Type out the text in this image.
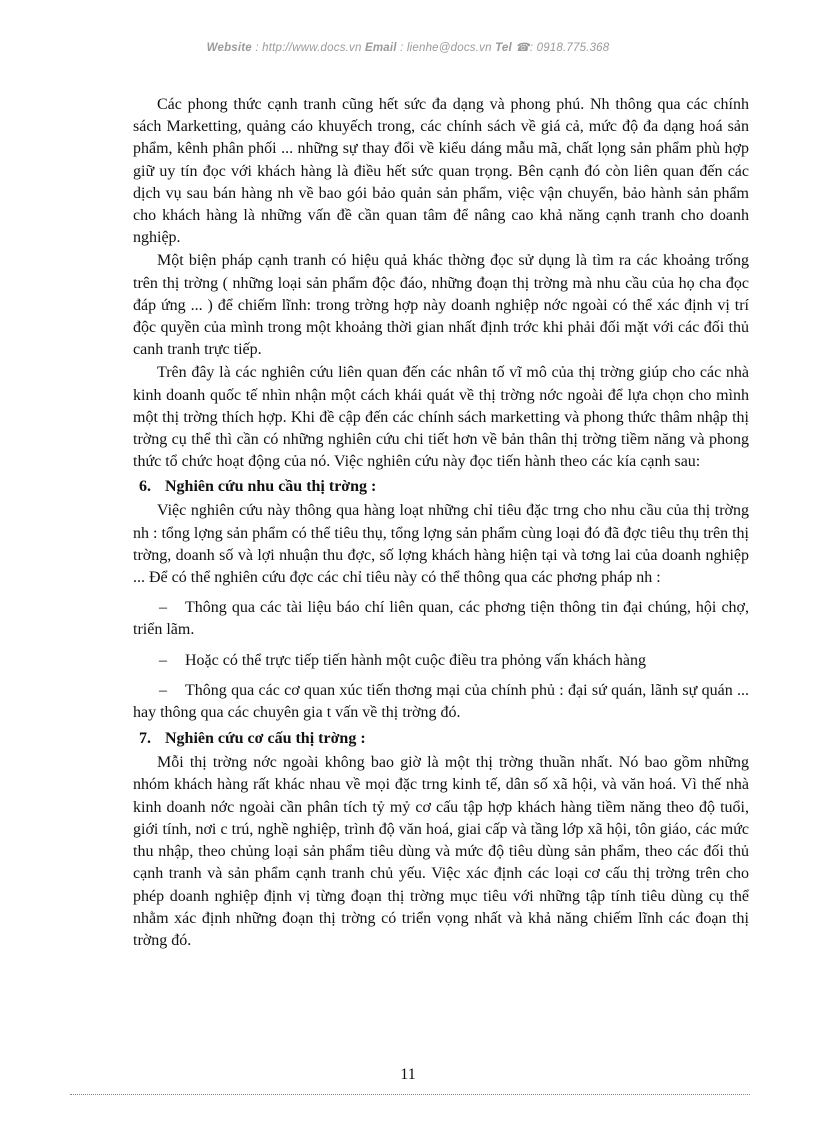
Website : http://www.docs.vn Email : lienhe@docs.vn Tel ☎: 0918.775.368

Các phong thức cạnh tranh cũng hết sức đa dạng và phong phú. Nh thông qua các chính sách Marketting, quảng cáo khuyếch trong, các chính sách về giá cả, mức độ đa dạng hoá sản phẩm, kênh phân phối ... những sự thay đổi về kiểu dáng mẫu mã, chất lọng sản phẩm phù hợp giữ uy tín đọc với khách hàng là điều hết sức quan trọng. Bên cạnh đó còn liên quan đến các dịch vụ sau bán hàng nh về bao gói bảo quản sản phẩm, việc vận chuyển, bảo hành sản phẩm cho khách hàng là những vấn đề cần quan tâm để nâng cao khả năng cạnh tranh cho doanh nghiệp.

Một biện pháp cạnh tranh có hiệu quả khác thờng đọc sử dụng là tìm ra các khoảng trống trên thị trờng ( những loại sản phẩm độc đáo, những đoạn thị trờng mà nhu cầu của họ cha đọc đáp ứng ... ) để chiếm lĩnh: trong trờng hợp này doanh nghiệp nớc ngoài có thể xác định vị trí độc quyền của mình trong một khoảng thời gian nhất định trớc khi phải đối mặt với các đối thủ canh tranh trực tiếp.

Trên đây là các nghiên cứu liên quan đến các nhân tố vĩ mô của thị trờng giúp cho các nhà kinh doanh quốc tế nhìn nhận một cách khái quát về thị trờng nớc ngoài để lựa chọn cho mình một thị trờng thích hợp. Khi đề cập đến các chính sách marketting và phong thức thâm nhập thị trờng cụ thể thì cần có những nghiên cứu chi tiết hơn về bản thân thị trờng tiềm năng và phong thức tổ chức hoạt động của nó. Việc nghiên cứu này đọc tiến hành theo các kía cạnh sau:

6. Nghiên cứu nhu cầu thị trờng :

Việc nghiên cứu này thông qua hàng loạt những chỉ tiêu đặc trng cho nhu cầu của thị trờng nh : tổng lợng sản phẩm có thể tiêu thụ, tổng lợng sản phẩm cùng loại đó đã đợc tiêu thụ trên thị trờng, doanh số và lợi nhuận thu đợc, số lợng khách hàng hiện tại và tơng lai của doanh nghiệp ... Để có thể nghiên cứu đợc các chỉ tiêu này có thể thông qua các phơng pháp nh :

– Thông qua các tài liệu báo chí liên quan, các phơng tiện thông tin đại chúng, hội chợ, triển lãm.
– Hoặc có thể trực tiếp tiến hành một cuộc điều tra phỏng vấn khách hàng
– Thông qua các cơ quan xúc tiến thơng mại của chính phủ : đại sứ quán, lãnh sự quán ... hay thông qua các chuyên gia t vấn về thị trờng đó.
7. Nghiên cứu cơ cấu thị trờng :

Mỗi thị trờng nớc ngoài không bao giờ là một thị trờng thuần nhất. Nó bao gồm những nhóm khách hàng rất khác nhau về mọi đặc trng kinh tế, dân số xã hội, và văn hoá. Vì thế nhà kinh doanh nớc ngoài cần phân tích tỷ mỷ cơ cấu tập hợp khách hàng tiềm năng theo độ tuổi, giới tính, nơi c trú, nghề nghiệp, trình độ văn hoá, giai cấp và tầng lớp xã hội, tôn giáo, các mức thu nhập, theo chủng loại sản phẩm tiêu dùng và mức độ tiêu dùng sản phẩm, theo các đối thủ cạnh tranh và sản phẩm cạnh tranh chủ yếu. Việc xác định các loại cơ cấu thị trờng trên cho phép doanh nghiệp định vị từng đoạn thị trờng mục tiêu với những tập tính tiêu dùng cụ thể nhằm xác định những đoạn thị trờng có triển vọng nhất và khả năng chiếm lĩnh các đoạn thị trờng đó.

11
